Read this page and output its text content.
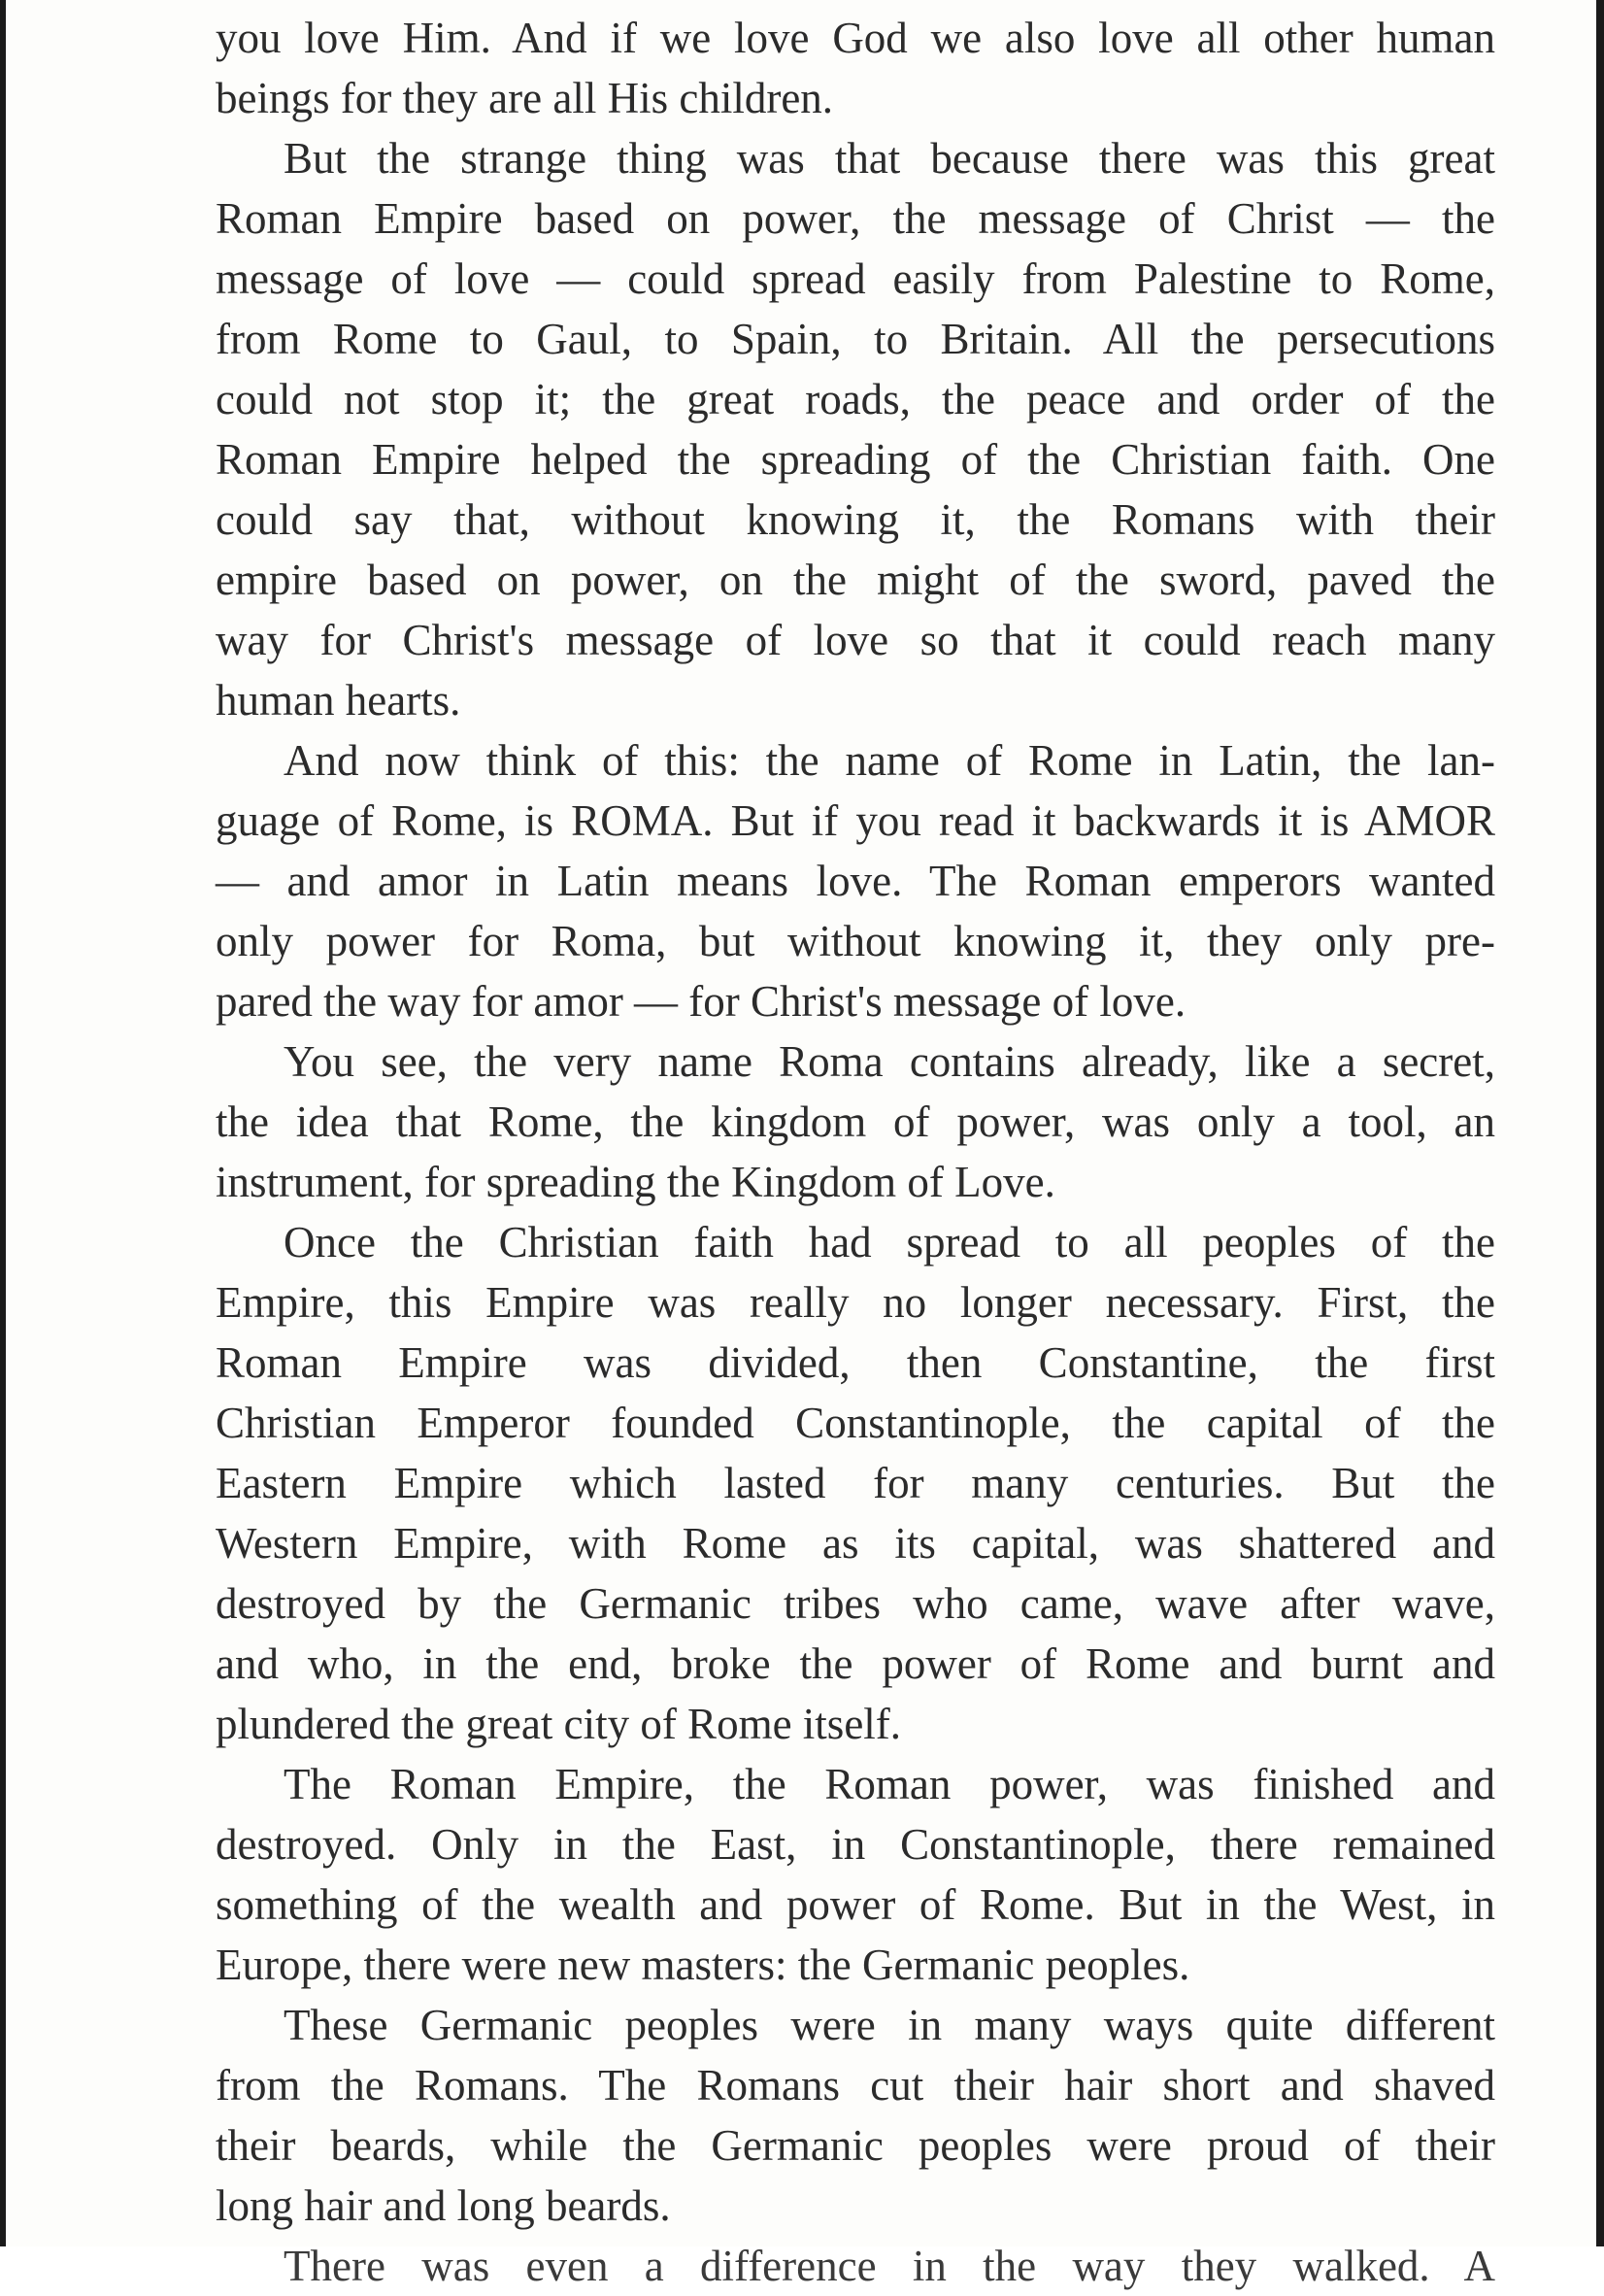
you love Him. And if we love God we also love all other human
beings for they are all His children.
But the strange thing was that because there was this great
Roman Empire based on power, the message of Christ — the
message of love — could spread easily from Palestine to Rome,
from Rome to Gaul, to Spain, to Britain. All the persecutions
could not stop it; the great roads, the peace and order of the
Roman Empire helped the spreading of the Christian faith. One
could say that, without knowing it, the Romans with their
empire based on power, on the might of the sword, paved the
way for Christ's message of love so that it could reach many
human hearts.
And now think of this: the name of Rome in Latin, the lan-
guage of Rome, is ROMA. But if you read it backwards it is AMOR
— and amor in Latin means love. The Roman emperors wanted
only power for Roma, but without knowing it, they only pre-
pared the way for amor — for Christ's message of love.
You see, the very name Roma contains already, like a secret,
the idea that Rome, the kingdom of power, was only a tool, an
instrument, for spreading the Kingdom of Love.
Once the Christian faith had spread to all peoples of the
Empire, this Empire was really no longer necessary. First, the
Roman Empire was divided, then Constantine, the first
Christian Emperor founded Constantinople, the capital of the
Eastern Empire which lasted for many centuries. But the
Western Empire, with Rome as its capital, was shattered and
destroyed by the Germanic tribes who came, wave after wave,
and who, in the end, broke the power of Rome and burnt and
plundered the great city of Rome itself.
The Roman Empire, the Roman power, was finished and
destroyed. Only in the East, in Constantinople, there remained
something of the wealth and power of Rome. But in the West, in
Europe, there were new masters: the Germanic peoples.
These Germanic peoples were in many ways quite different
from the Romans. The Romans cut their hair short and shaved
their beards, while the Germanic peoples were proud of their
long hair and long beards.
There was even a difference in the way they walked. A
